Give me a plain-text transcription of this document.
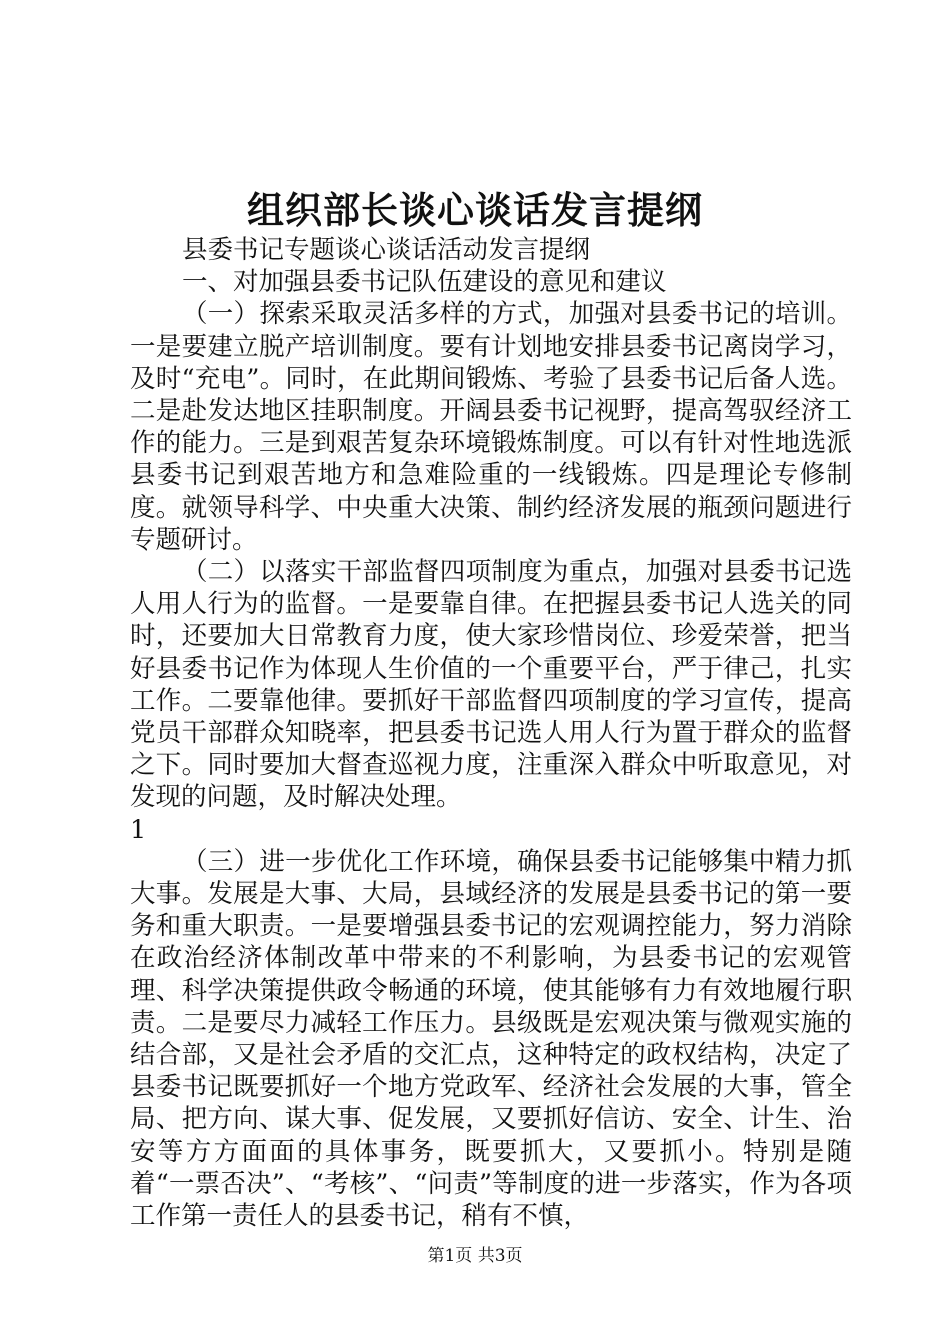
组织部长谈心谈话发言提纲

县委书记专题谈心谈话活动发言提纲

一、对加强县委书记队伍建设的意见和建议

（一）探索采取灵活多样的方式，加强对县委书记的培训。一是要建立脱产培训制度。要有计划地安排县委书记离岗学习，及时“充电”。同时，在此期间锻炼、考验了县委书记后备人选。二是赴发达地区挂职制度。开阔县委书记视野，提高驾驭经济工作的能力。三是到艰苦复杂环境锻炼制度。可以有针对性地选派县委书记到艰苦地方和急难险重的一线锻炼。四是理论专修制度。就领导科学、中央重大决策、制约经济发展的瓶颈问题进行专题研讨。

（二）以落实干部监督四项制度为重点，加强对县委书记选人用人行为的监督。一是要靠自律。在把握县委书记人选关的同时，还要加大日常教育力度，使大家珍惜岗位、珍爱荣誉，把当好县委书记作为体现人生价值的一个重要平台，严于律己，扎实工作。二要靠他律。要抓好干部监督四项制度的学习宣传，提高党员干部群众知晓率，把县委书记选人用人行为置于群众的监督之下。同时要加大督查巡视力度，注重深入群众中听取意见，对发现的问题，及时解决处理。

1

（三）进一步优化工作环境，确保县委书记能够集中精力抓大事。发展是大事、大局，县域经济的发展是县委书记的第一要务和重大职责。一是要增强县委书记的宏观调控能力，努力消除在政治经济体制改革中带来的不利影响，为县委书记的宏观管理、科学决策提供政令畅通的环境，使其能够有力有效地履行职责。二是要尽力减轻工作压力。县级既是宏观决策与微观实施的结合部，又是社会矛盾的交汇点，这种特定的政权结构，决定了县委书记既要抓好一个地方党政军、经济社会发展的大事，管全局、把方向、谋大事、促发展，又要抓好信访、安全、计生、治安等方方面面的具体事务，既要抓大，又要抓小。特别是随着“一票否决”、“考核”、“问责”等制度的进一步落实，作为各项工作第一责任人的县委书记，稍有不慎，

第1页 共3页
